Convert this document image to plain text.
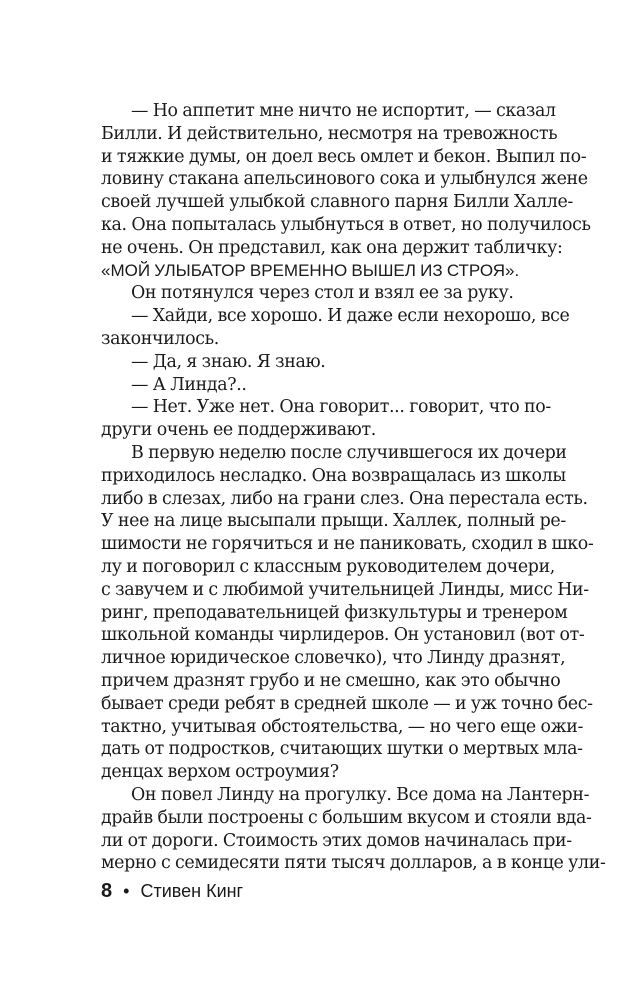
— Но аппетит мне ничто не испортит, — сказал
Билли. И действительно, несмотря на тревожность
и тяжкие думы, он доел весь омлет и бекон. Выпил по-
ловину стакана апельсинового сока и улыбнулся жене
своей лучшей улыбкой славного парня Билли Халле-
ка. Она попыталась улыбнуться в ответ, но получилось
не очень. Он представил, как она держит табличку:
«МОЙ УЛЫБАТОР ВРЕМЕННО ВЫШЕЛ ИЗ СТРОЯ».
Он потянулся через стол и взял ее за руку.
— Хайди, все хорошо. И даже если нехорошо, все
закончилось.
— Да, я знаю. Я знаю.
— А Линда?..
— Нет. Уже нет. Она говорит... говорит, что по-
други очень ее поддерживают.
В первую неделю после случившегося их дочери
приходилось несладко. Она возвращалась из школы
либо в слезах, либо на грани слез. Она перестала есть.
У нее на лице высыпали прыщи. Халлек, полный ре-
шимости не горячиться и не паниковать, сходил в шко-
лу и поговорил с классным руководителем дочери,
с завучем и с любимой учительницей Линды, мисс Ни-
ринг, преподавательницей физкультуры и тренером
школьной команды чирлидеров. Он установил (вот от-
личное юридическое словечко), что Линду дразнят,
причем дразнят грубо и не смешно, как это обычно
бывает среди ребят в средней школе — и уж точно бес-
тактно, учитывая обстоятельства, — но чего еще ожи-
дать от подростков, считающих шутки о мертвых мла-
денцах верхом остроумия?
Он повел Линду на прогулку. Все дома на Лантерн-
драйв были построены с большим вкусом и стояли вда-
ли от дороги. Стоимость этих домов начиналась при-
мерно с семидесяти пяти тысяч долларов, а в конце ули-
8 • Стивен Кинг
